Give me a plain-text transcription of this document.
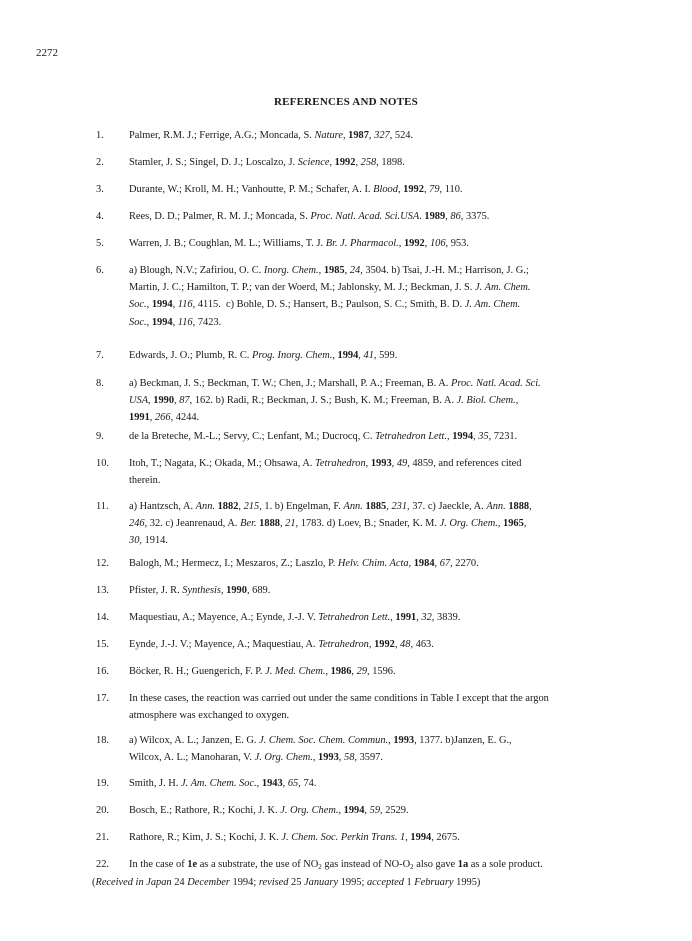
2272
REFERENCES AND NOTES
1.	Palmer, R.M. J.; Ferrige, A.G.; Moncada, S. Nature, 1987, 327, 524.
2.	Stamler, J. S.; Singel, D. J.; Loscalzo, J. Science, 1992, 258, 1898.
3.	Durante, W.; Kroll, M. H.; Vanhoutte, P. M.; Schafer, A. I. Blood, 1992, 79, 110.
4.	Rees, D. D.; Palmer, R. M. J.; Moncada, S. Proc. Natl. Acad. Sci.USA. 1989, 86, 3375.
5.	Warren, J. B.; Coughlan, M. L.; Williams, T. J. Br. J. Pharmacol., 1992, 106, 953.
6.	a) Blough, N.V.; Zafiriou, O. C. Inorg. Chem., 1985, 24, 3504. b) Tsai, J.-H. M.; Harrison, J. G.;
Martin, J. C.; Hamilton, T. P.; van der Woerd, M.; Jablonsky, M. J.; Beckman, J. S. J. Am. Chem.
Soc., 1994, 116, 4115.  c) Bohle, D. S.; Hansert, B.; Paulson, S. C.; Smith, B. D. J. Am. Chem.
Soc., 1994, 116, 7423.
7.	Edwards, J. O.; Plumb, R. C. Prog. Inorg. Chem., 1994, 41, 599.
8.	a) Beckman, J. S.; Beckman, T. W.; Chen, J.; Marshall, P. A.; Freeman, B. A. Proc. Natl. Acad. Sci.
USA, 1990, 87, 162. b) Radi, R.; Beckman, J. S.; Bush, K. M.; Freeman, B. A. J. Biol. Chem.,
1991, 266, 4244.
9.	de la Breteche, M.-L.; Servy, C.; Lenfant, M.; Ducrocq, C. Tetrahedron Lett., 1994, 35, 7231.
10.	Itoh, T.; Nagata, K.; Okada, M.; Ohsawa, A. Tetrahedron, 1993, 49, 4859, and references cited
therein.
11.	a) Hantzsch, A. Ann. 1882, 215, 1. b) Engelman, F. Ann. 1885, 231, 37. c) Jaeckle, A. Ann. 1888,
246, 32. c) Jeanrenaud, A. Ber. 1888, 21, 1783. d) Loev, B.; Snader, K. M. J. Org. Chem., 1965,
30, 1914.
12.	Balogh, M.; Hermecz, I.; Meszaros, Z.; Laszlo, P. Helv. Chim. Acta, 1984, 67, 2270.
13.	Pfister, J. R. Synthesis, 1990, 689.
14.	Maquestiau, A.; Mayence, A.; Eynde, J.-J. V. Tetrahedron Lett., 1991, 32, 3839.
15.	Eynde, J.-J. V.; Mayence, A.; Maquestiau, A. Tetrahedron, 1992, 48, 463.
16.	Böcker, R. H.; Guengerich, F. P. J. Med. Chem., 1986, 29, 1596.
17.	In these cases, the reaction was carried out under the same conditions in Table I except that the argon
atmosphere was exchanged to oxygen.
18.	a) Wilcox, A. L.; Janzen, E. G. J. Chem. Soc. Chem. Commun., 1993, 1377. b)Janzen, E. G.,
Wilcox, A. L.; Manoharan, V. J. Org. Chem., 1993, 58, 3597.
19.	Smith, J. H. J. Am. Chem. Soc., 1943, 65, 74.
20.	Bosch, E.; Rathore, R.; Kochi, J. K. J. Org. Chem., 1994, 59, 2529.
21.	Rathore, R.; Kim, J. S.; Kochi, J. K. J. Chem. Soc. Perkin Trans. 1, 1994, 2675.
22.	In the case of 1e as a substrate, the use of $NO_2$ gas instead of $NO-O_2$ also gave 1a as a sole product.
(Received in Japan 24 December 1994; revised 25 January 1995; accepted 1 February 1995)
